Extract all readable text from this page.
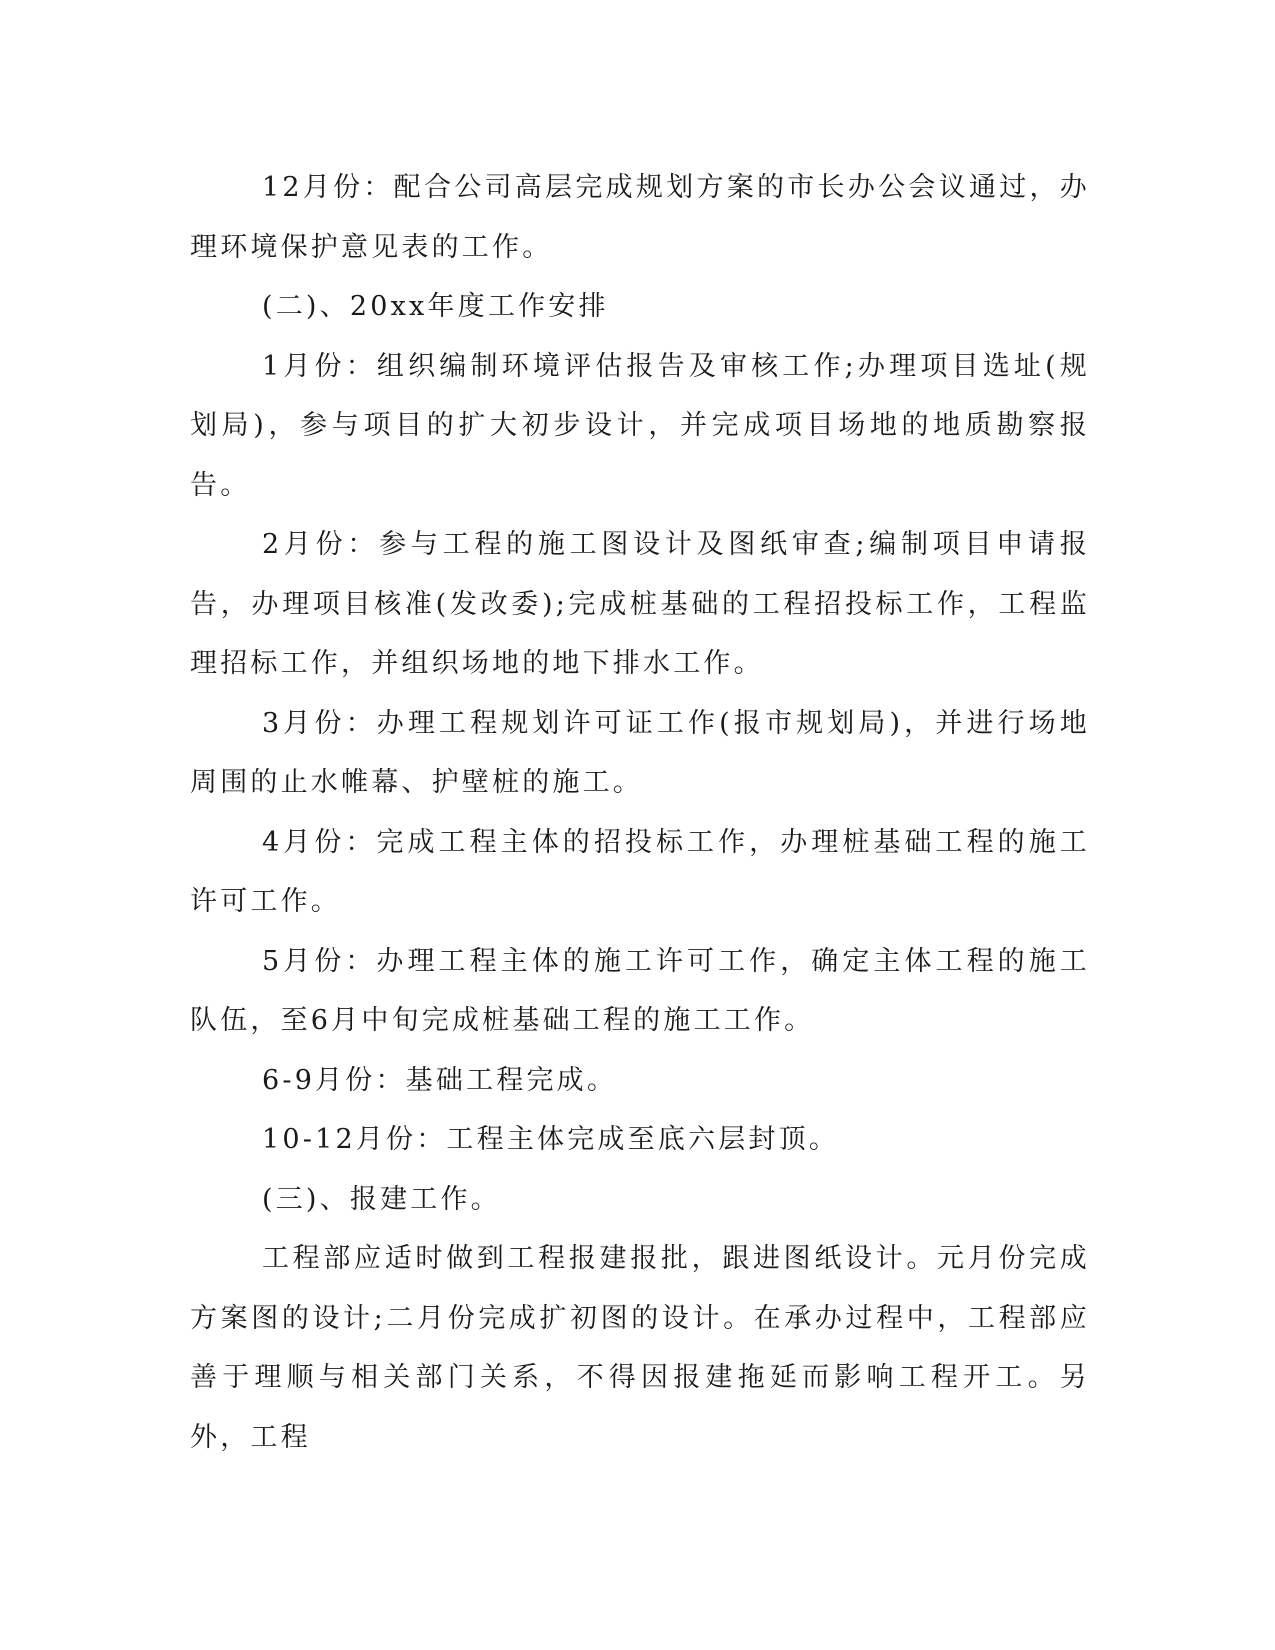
12月份：配合公司高层完成规划方案的市长办公会议通过，办理环境保护意见表的工作。

(二)、20xx年度工作安排

1月份：组织编制环境评估报告及审核工作;办理项目选址(规划局)，参与项目的扩大初步设计，并完成项目场地的地质勘察报告。

2月份：参与工程的施工图设计及图纸审查;编制项目申请报告，办理项目核准(发改委);完成桩基础的工程招投标工作，工程监理招标工作，并组织场地的地下排水工作。

3月份：办理工程规划许可证工作(报市规划局)，并进行场地周围的止水帷幕、护壁桩的施工。

4月份：完成工程主体的招投标工作，办理桩基础工程的施工许可工作。

5月份：办理工程主体的施工许可工作，确定主体工程的施工队伍，至6月中旬完成桩基础工程的施工工作。

6-9月份：基础工程完成。

10-12月份：工程主体完成至底六层封顶。

(三)、报建工作。

工程部应适时做到工程报建报批，跟进图纸设计。元月份完成方案图的设计;二月份完成扩初图的设计。在承办过程中，工程部应善于理顺与相关部门关系，不得因报建拖延而影响工程开工。另外，工程
